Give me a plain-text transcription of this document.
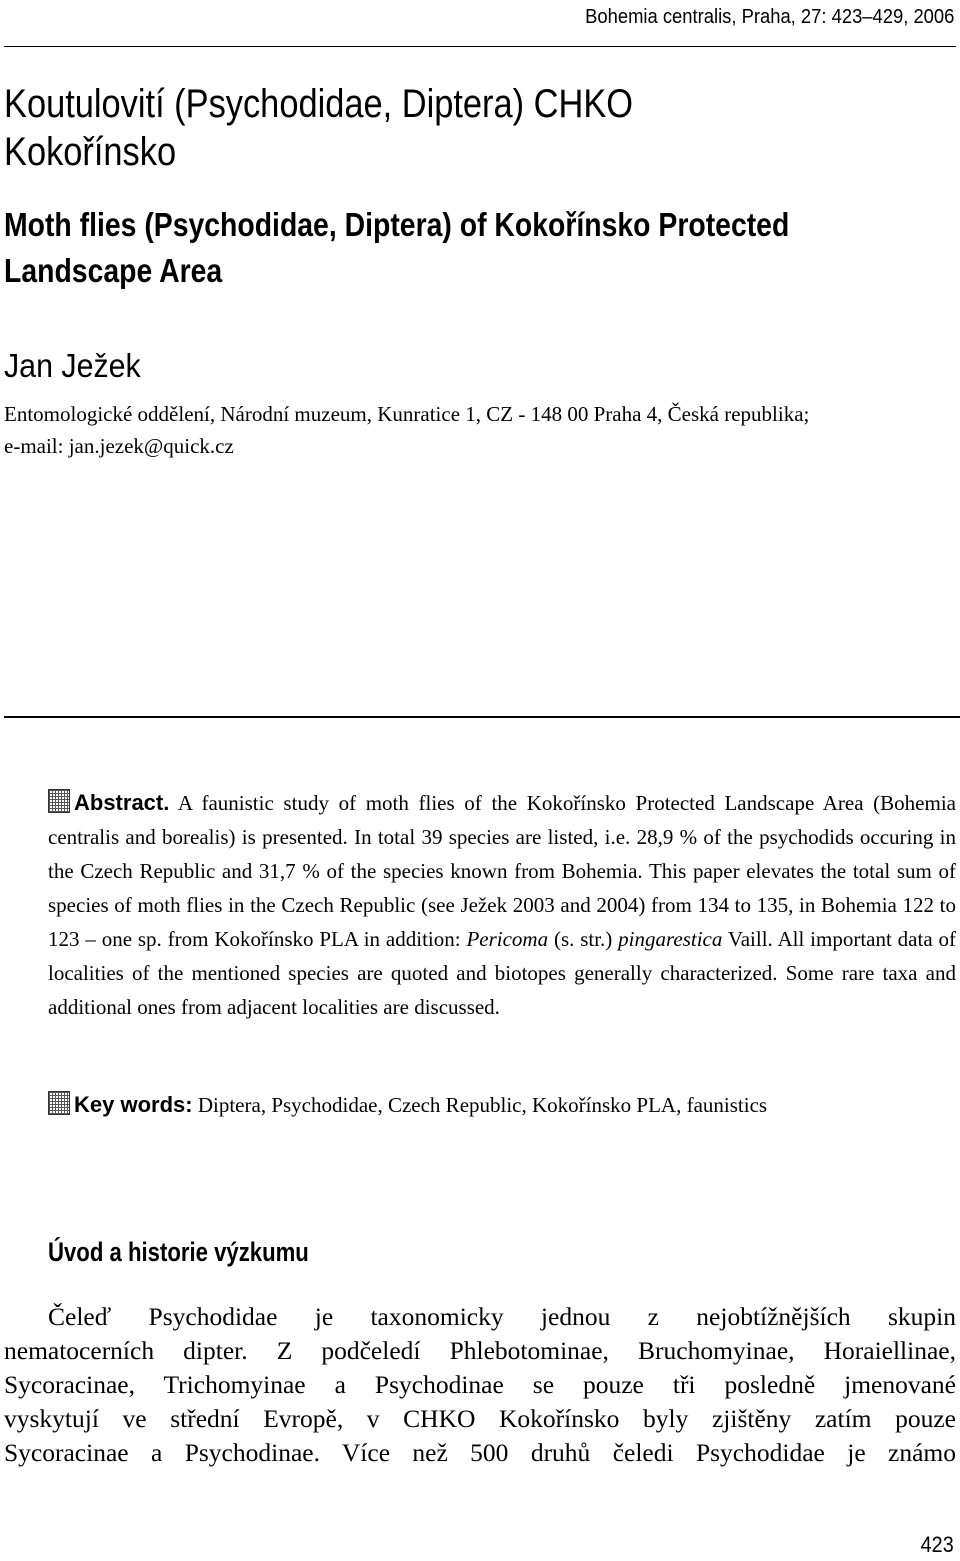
Bohemia centralis, Praha, 27: 423–429, 2006
Koutulovití (Psychodidae, Diptera) CHKO Kokořínsko
Moth flies (Psychodidae, Diptera) of Kokořínsko Protected Landscape Area
Jan Ježek
Entomologické oddělení, Národní muzeum, Kunratice 1, CZ - 148 00 Praha 4, Česká republika;
e-mail: jan.jezek@quick.cz
Abstract. A faunistic study of moth flies of the Kokořínsko Protected Landscape Area (Bohemia centralis and borealis) is presented. In total 39 species are listed, i.e. 28,9 % of the psychodids occuring in the Czech Republic and 31,7 % of the species known from Bohemia. This paper elevates the total sum of species of moth flies in the Czech Republic (see Ježek 2003 and 2004) from 134 to 135, in Bohemia 122 to 123 – one sp. from Kokořínsko PLA in addition: Pericoma (s. str.) pingarestica Vaill. All important data of localities of the mentioned species are quoted and biotopes generally characterized. Some rare taxa and additional ones from adjacent localities are discussed.
Key words: Diptera, Psychodidae, Czech Republic, Kokořínsko PLA, faunistics
Úvod a historie výzkumu
Čeleď Psychodidae je taxonomicky jednou z nejobtížnějších skupin
nematocerních dipter. Z podčeledí Phlebotominae, Bruchomyinae, Horaiellinae,
Sycoracinae, Trichomyinae a Psychodinae se pouze tři posledně jmenované
vyskytují ve střední Evropě, v CHKO Kokořínsko byly zjištěny zatím pouze
Sycoracinae a Psychodinae. Více než 500 druhů čeledi Psychodidae je známo
423
